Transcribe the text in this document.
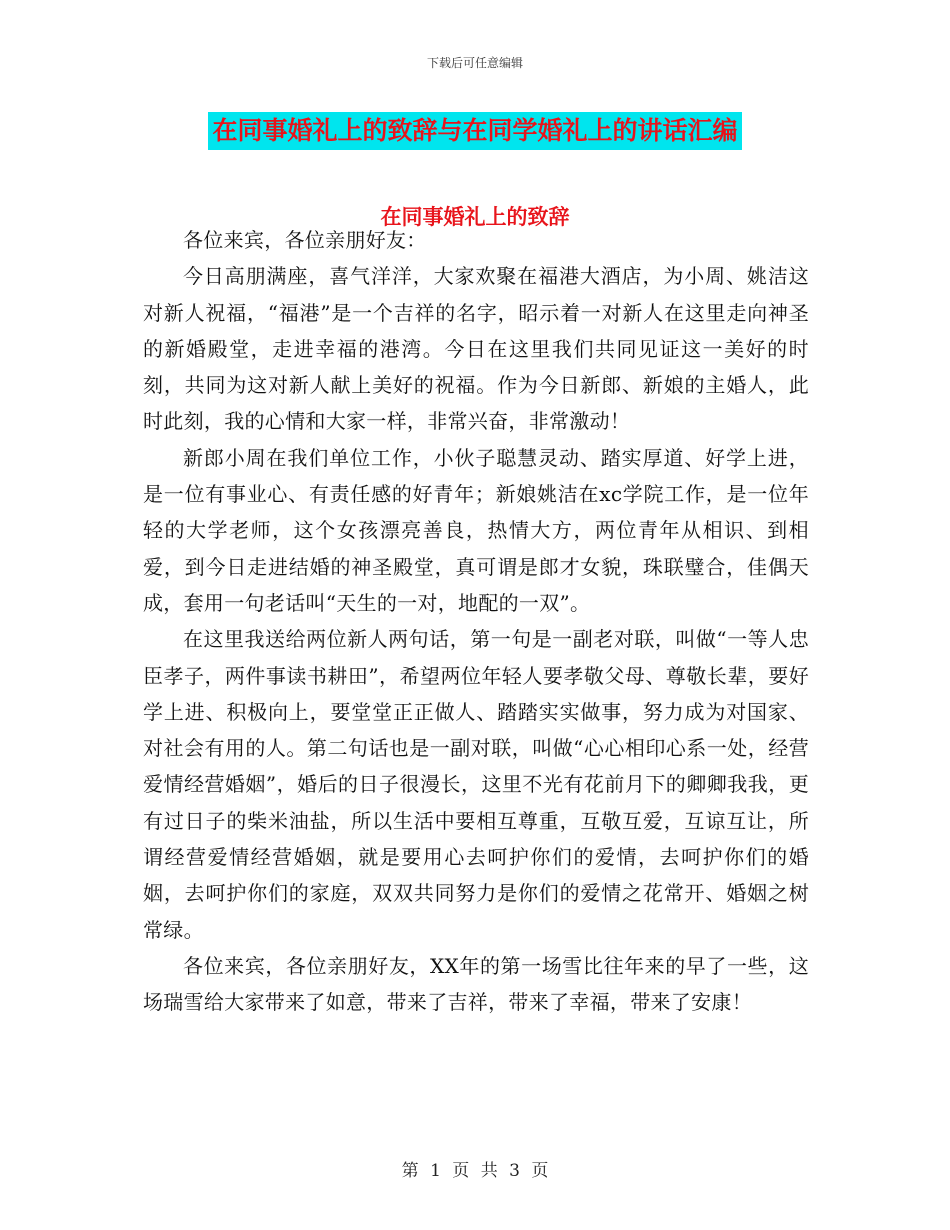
下载后可任意编辑
在同事婚礼上的致辞与在同学婚礼上的讲话汇编
在同事婚礼上的致辞

各位来宾，各位亲朋好友：

今日高朋满座，喜气洋洋，大家欢聚在福港大酒店，为小周、姚洁这对新人祝福，“福港”是一个吉祥的名字，昭示着一对新人在这里走向神圣的新婚殿堂，走进幸福的港湾。今日在这里我们共同见证这一美好的时刻，共同为这对新人献上美好的祝福。作为今日新郎、新娘的主婚人，此时此刻，我的心情和大家一样，非常兴奋，非常激动！

新郎小周在我们单位工作，小伙子聪慧灵动、踏实厚道、好学上进，是一位有事业心、有责任感的好青年；新娘姚洁在xc学院工作，是一位年轻的大学老师，这个女孩漂亮善良，热情大方，两位青年从相识、到相爱，到今日走进结婚的神圣殿堂，真可谓是郎才女貌，珠联璧合，佳偶天成，套用一句老话叫“天生的一对，地配的一双”。

在这里我送给两位新人两句话，第一句是一副老对联，叫做“一等人忠臣孝子，两件事读书耕田”，希望两位年轻人要孝敬父母、尊敬长辈，要好学上进、积极向上，要堂堂正正做人、踏踏实实做事，努力成为对国家、对社会有用的人。第二句话也是一副对联，叫做“心心相印心系一处，经营爱情经营婚姻”，婚后的日子很漫长，这里不光有花前月下的卿卿我我，更有过日子的柴米油盐，所以生活中要相互尊重，互敬互爱，互谅互让，所谓经营爱情经营婚姻，就是要用心去呵护你们的爱情，去呵护你们的婚姻，去呵护你们的家庭，双双共同努力是你们的爱情之花常开、婚姻之树常绿。

各位来宾，各位亲朋好友，XX年的第一场雪比往年来的早了一些，这场瑞雪给大家带来了如意，带来了吉祥，带来了幸福，带来了安康！

第 1 页 共 3 页
